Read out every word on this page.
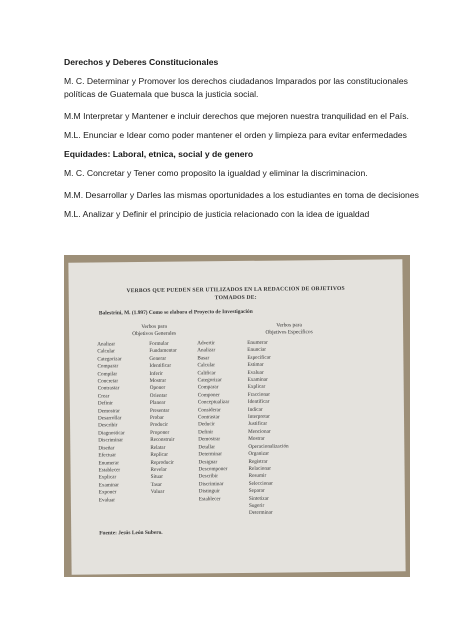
Derechos y Deberes Constitucionales
M. C. Determinar y Promover los derechos ciudadanos Imparados por las constitucionales
políticas de Guatemala que busca la justicia social.
M.M Interpretar y Mantener e incluir derechos que mejoren nuestra tranquilidad en el País.
M.L. Enunciar e Idear como poder mantener el orden y limpieza para evitar enfermedades
Equidades: Laboral, etnica, social y de genero
M. C. Concretar y Tener como proposito la igualdad y eliminar la discriminacion.
M.M. Desarrollar y Darles las mismas oportunidades a los estudiantes en toma de decisiones
M.L. Analizar y Definir el principio de justicia relacionado con la idea de igualdad
VERBOS QUE PUEDEN SER UTILIZADOS EN LA REDACCION DE OBJETIVOS
TOMADOS DE:
Balestrini, M. (1.997) Como se elabora el Proyecto de Investigación
Verbos para
Objetivos Generales
Verbos para
Objetivos Específicos
Analizar
Calcular
Categorizar
Comparar
Compilar
Concretar
Contrastar
Crear
Definir
Demostrar
Desarrollar
Describir
Diagnosticar
Discriminar
Diseñar
Efectuar
Enumerar
Establecer
Explicar
Examinar
Exponer
Evaluar
Formular
Fundamentar
Generar
Identificar
Inferir
Mostrar
Oponer
Orientar
Planear
Presentar
Probar
Producir
Proponer
Reconstruir
Relatar
Replicar
Reproducir
Revelar
Situar
Tasar
Valuar
Advertir
Analizar
Basar
Calcular
Calificar
Categorizar
Comparar
Componer
Conceptualizar
Considerar
Contrastar
Deducir
Definir
Demostrar
Detallar
Determinar
Designar
Descomponer
Describir
Discriminar
Distinguir
Establecer
Enumerar
Enunciar
Especificar
Estimar
Evaluar
Examinar
Explicar
Fraccionar
Identificar
Indicar
Interpretar
Justificar
Mencionar
Mostrar
Operacionalización
Organizar
Registrar
Relacionar
Resumir
Seleccionar
Separar
Sintetizar
Sugerir
Determinar
Fuente: Jesús León Subero.
